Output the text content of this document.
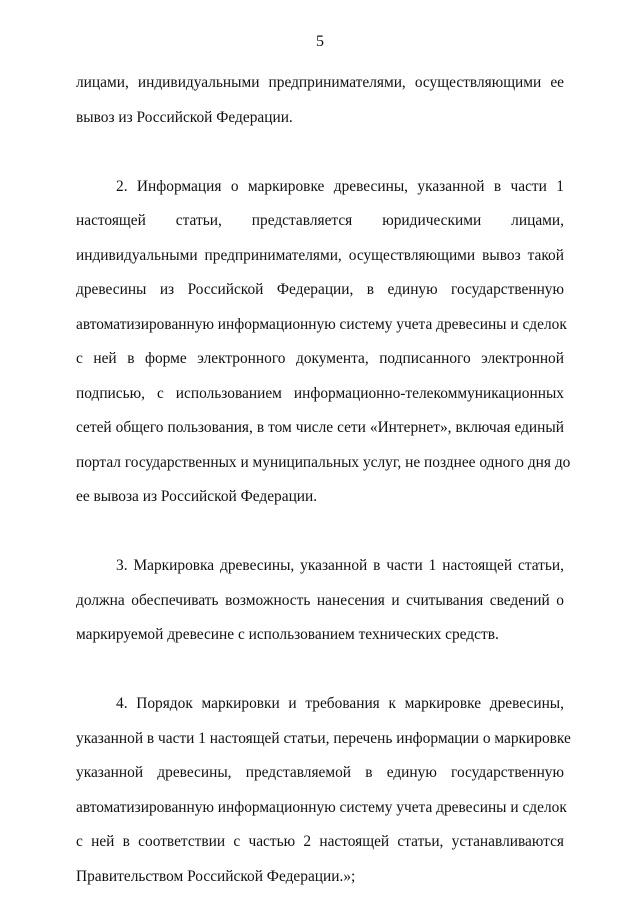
5
лицами, индивидуальными предпринимателями, осуществляющими ее
вывоз из Российской Федерации.
2. Информация о маркировке древесины, указанной в части 1
настоящей статьи, представляется юридическими лицами,
индивидуальными предпринимателями, осуществляющими вывоз такой
древесины из Российской Федерации, в единую государственную
автоматизированную информационную систему учета древесины и сделок
с ней в форме электронного документа, подписанного электронной
подписью, с использованием информационно-телекоммуникационных
сетей общего пользования, в том числе сети «Интернет», включая единый
портал государственных и муниципальных услуг, не позднее одного дня до
ее вывоза из Российской Федерации.
3. Маркировка древесины, указанной в части 1 настоящей статьи,
должна обеспечивать возможность нанесения и считывания сведений о
маркируемой древесине с использованием технических средств.
4. Порядок маркировки и требования к маркировке древесины,
указанной в части 1 настоящей статьи, перечень информации о маркировке
указанной древесины, представляемой в единую государственную
автоматизированную информационную систему учета древесины и сделок
с ней в соответствии с частью 2 настоящей статьи, устанавливаются
Правительством Российской Федерации.»;
